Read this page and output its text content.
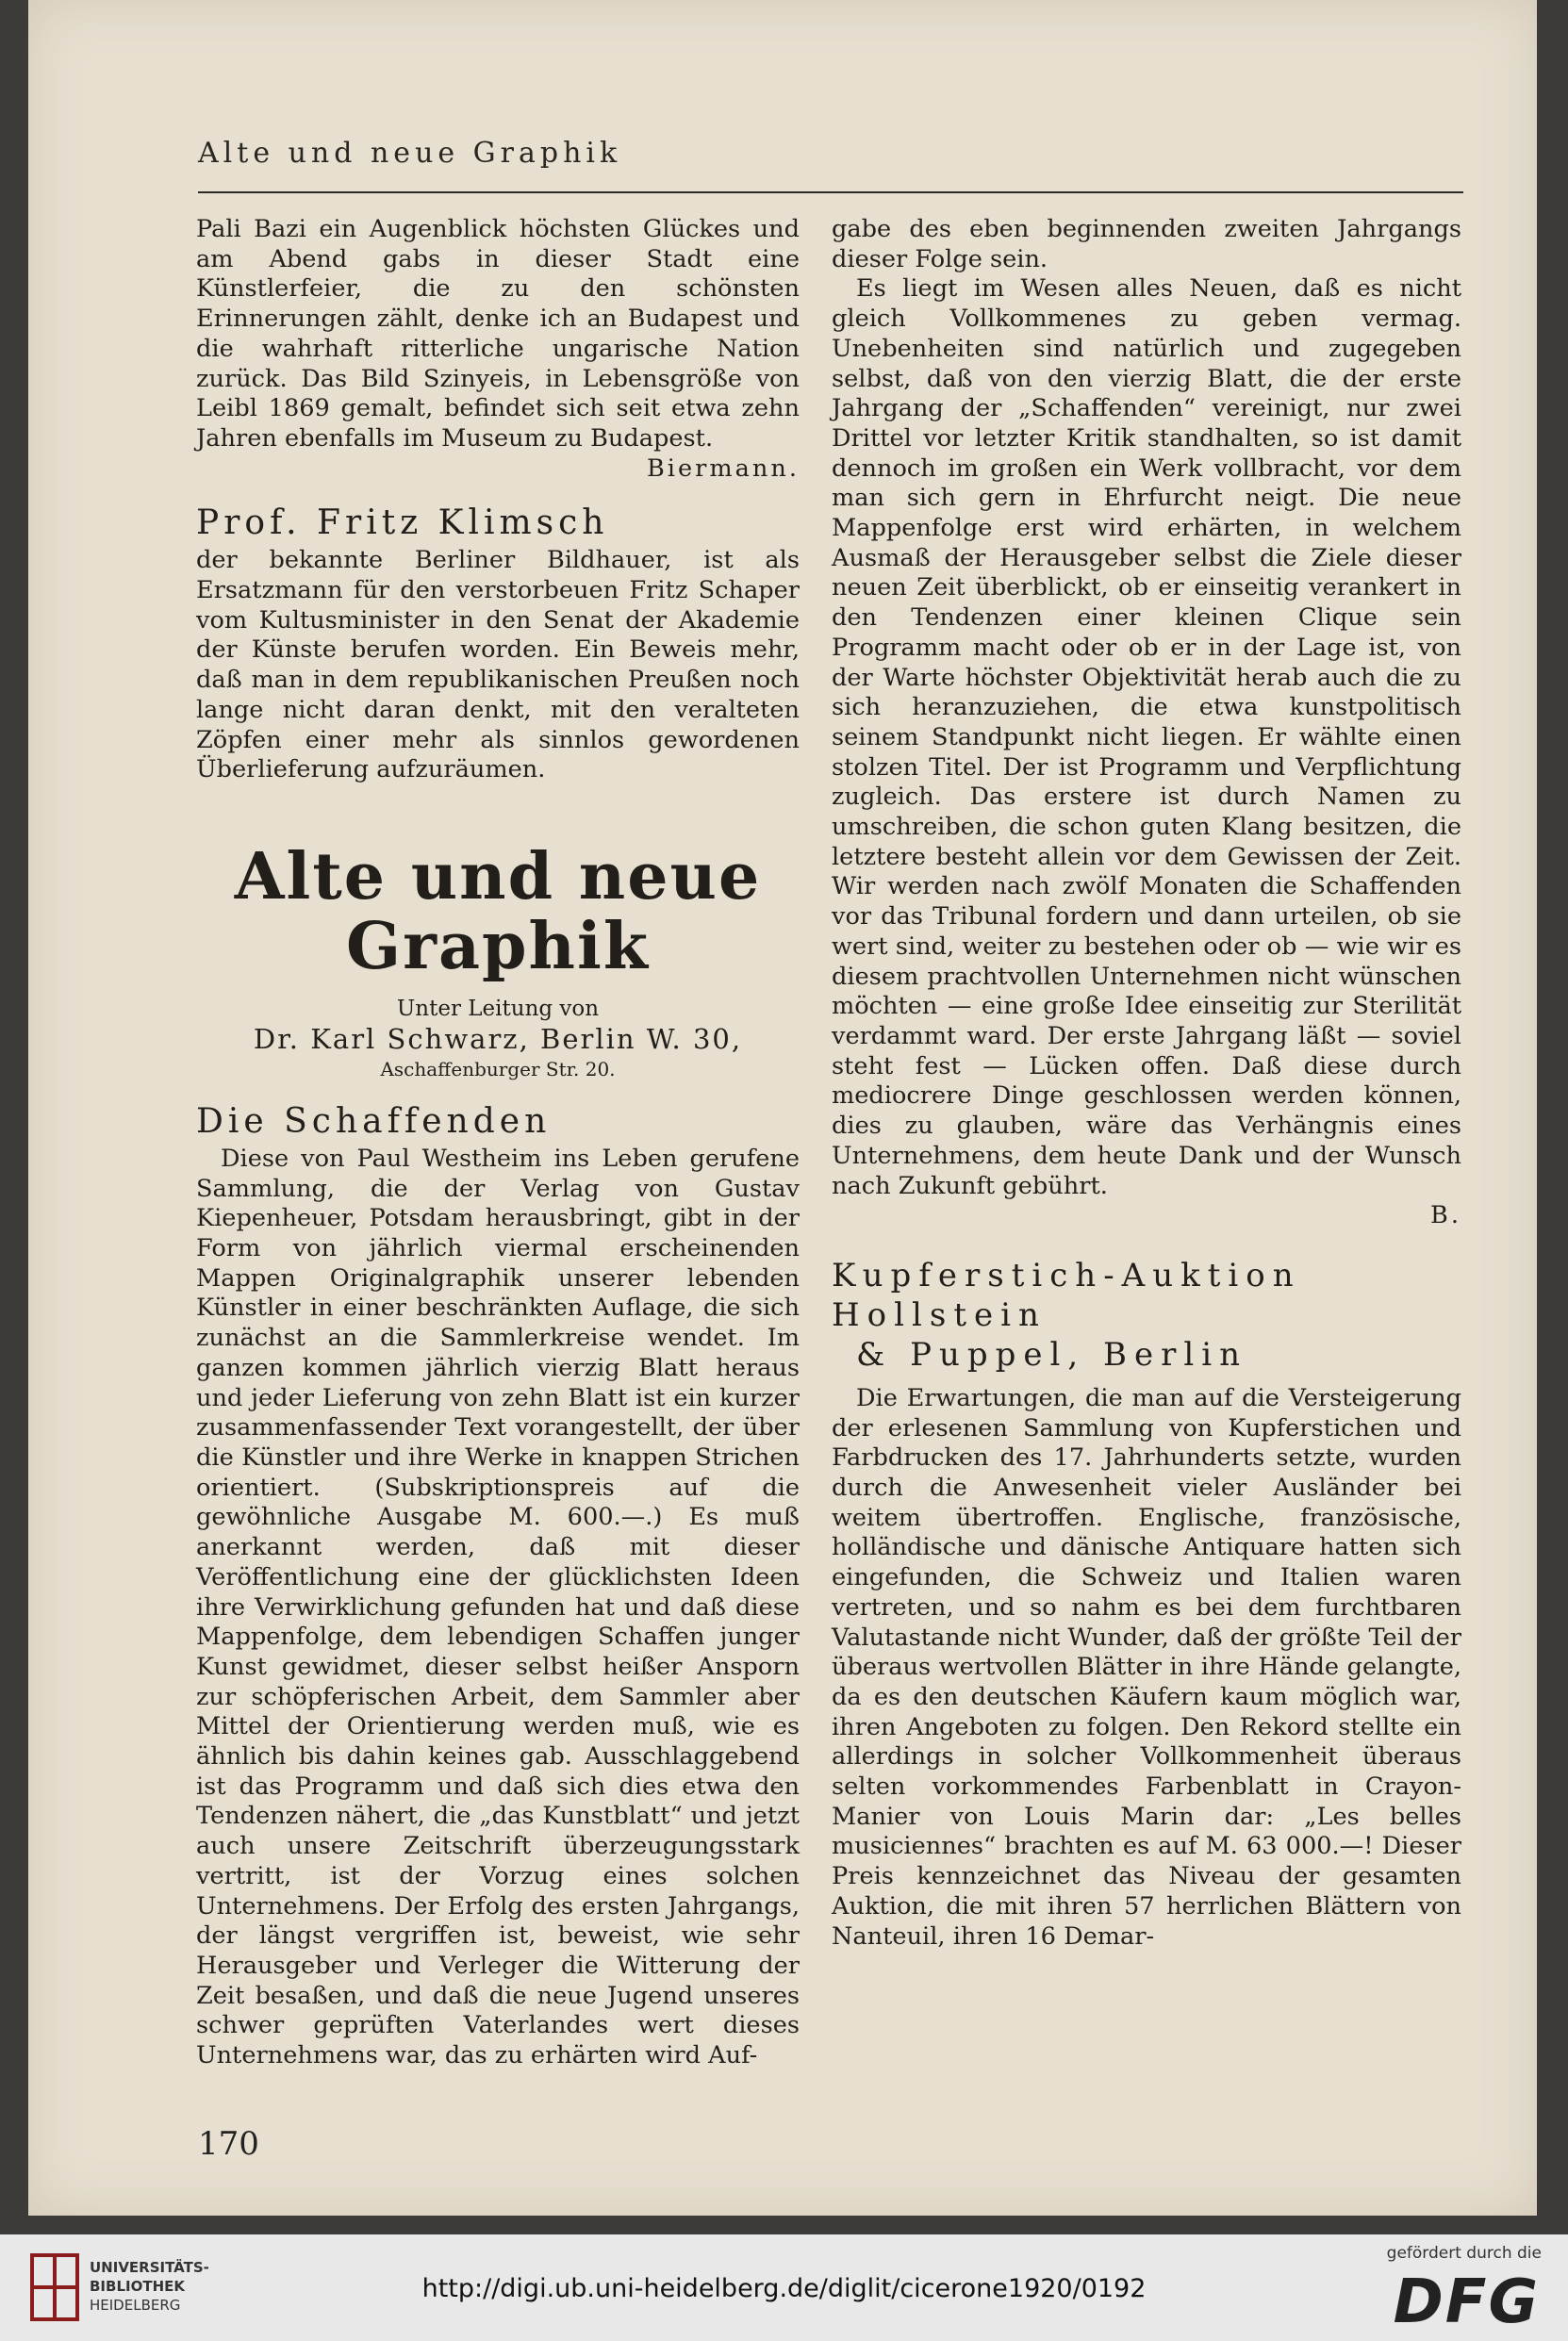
Alte und neue Graphik

Pali Bazi ein Augenblick höchsten Glückes und am Abend gabs in dieser Stadt eine Künstlerfeier, die zu den schönsten Erinnerungen zählt, denke ich an Budapest und die wahrhaft ritterliche ungarische Nation zurück. Das Bild Szinyeis, in Lebensgröße von Leibl 1869 gemalt, befindet sich seit etwa zehn Jahren ebenfalls im Museum zu Budapest.

Biermann.
Prof. Fritz Klimsch

der bekannte Berliner Bildhauer, ist als Ersatzmann für den verstorbeuen Fritz Schaper vom Kultusminister in den Senat der Akademie der Künste berufen worden. Ein Beweis mehr, daß man in dem republikanischen Preußen noch lange nicht daran denkt, mit den veralteten Zöpfen einer mehr als sinnlos gewordenen Überlieferung aufzuräumen.

Alte und neue Graphik
Unter Leitung von
Dr. Karl Schwarz, Berlin W. 30,
Aschaffenburger Str. 20.
Die Schaffenden

Diese von Paul Westheim ins Leben gerufene Sammlung, die der Verlag von Gustav Kiepenheuer, Potsdam herausbringt, gibt in der Form von jährlich viermal erscheinenden Mappen Originalgraphik unserer lebenden Künstler in einer beschränkten Auflage, die sich zunächst an die Sammlerkreise wendet. Im ganzen kommen jährlich vierzig Blatt heraus und jeder Lieferung von zehn Blatt ist ein kurzer zusammenfassender Text vorangestellt, der über die Künstler und ihre Werke in knappen Strichen orientiert. (Subskriptionspreis auf die gewöhnliche Ausgabe M. 600.—.) Es muß anerkannt werden, daß mit dieser Veröffentlichung eine der glücklichsten Ideen ihre Verwirklichung gefunden hat und daß diese Mappenfolge, dem lebendigen Schaffen junger Kunst gewidmet, dieser selbst heißer Ansporn zur schöpferischen Arbeit, dem Sammler aber Mittel der Orientierung werden muß, wie es ähnlich bis dahin keines gab. Ausschlaggebend ist das Programm und daß sich dies etwa den Tendenzen nähert, die „das Kunstblatt“ und jetzt auch unsere Zeitschrift überzeugungsstark vertritt, ist der Vorzug eines solchen Unternehmens. Der Erfolg des ersten Jahrgangs, der längst vergriffen ist, beweist, wie sehr Herausgeber und Verleger die Witterung der Zeit besaßen, und daß die neue Jugend unseres schwer geprüften Vaterlandes wert dieses Unternehmens war, das zu erhärten wird Auf-

gabe des eben beginnenden zweiten Jahrgangs dieser Folge sein.

Es liegt im Wesen alles Neuen, daß es nicht gleich Vollkommenes zu geben vermag. Unebenheiten sind natürlich und zugegeben selbst, daß von den vierzig Blatt, die der erste Jahrgang der „Schaffenden“ vereinigt, nur zwei Drittel vor letzter Kritik standhalten, so ist damit dennoch im großen ein Werk vollbracht, vor dem man sich gern in Ehrfurcht neigt. Die neue Mappenfolge erst wird erhärten, in welchem Ausmaß der Herausgeber selbst die Ziele dieser neuen Zeit überblickt, ob er einseitig verankert in den Tendenzen einer kleinen Clique sein Programm macht oder ob er in der Lage ist, von der Warte höchster Objektivität herab auch die zu sich heranzuziehen, die etwa kunstpolitisch seinem Standpunkt nicht liegen. Er wählte einen stolzen Titel. Der ist Programm und Verpflichtung zugleich. Das erstere ist durch Namen zu umschreiben, die schon guten Klang besitzen, die letztere besteht allein vor dem Gewissen der Zeit. Wir werden nach zwölf Monaten die Schaffenden vor das Tribunal fordern und dann urteilen, ob sie wert sind, weiter zu bestehen oder ob — wie wir es diesem prachtvollen Unternehmen nicht wünschen möchten — eine große Idee einseitig zur Sterilität verdammt ward. Der erste Jahrgang läßt — soviel steht fest — Lücken offen. Daß diese durch mediocrere Dinge geschlossen werden können, dies zu glauben, wäre das Verhängnis eines Unternehmens, dem heute Dank und der Wunsch nach Zukunft gebührt.

B.
Kupferstich-Auktion Hollstein
& Puppel, Berlin

Die Erwartungen, die man auf die Versteigerung der erlesenen Sammlung von Kupferstichen und Farbdrucken des 17. Jahrhunderts setzte, wurden durch die Anwesenheit vieler Ausländer bei weitem übertroffen. Englische, französische, holländische und dänische Antiquare hatten sich eingefunden, die Schweiz und Italien waren vertreten, und so nahm es bei dem furchtbaren Valutastande nicht Wunder, daß der größte Teil der überaus wertvollen Blätter in ihre Hände gelangte, da es den deutschen Käufern kaum möglich war, ihren Angeboten zu folgen. Den Rekord stellte ein allerdings in solcher Vollkommenheit überaus selten vorkommendes Farbenblatt in Crayon-Manier von Louis Marin dar: „Les belles musiciennes“ brachten es auf M. 63 000.—! Dieser Preis kennzeichnet das Niveau der gesamten Auktion, die mit ihren 57 herrlichen Blättern von Nanteuil, ihren 16 Demar-

170
UNIVERSITÄTS-
BIBLIOTHEK
HEIDELBERG
http://digi.ub.uni-heidelberg.de/diglit/cicerone1920/0192
gefördert durch die
DFG
